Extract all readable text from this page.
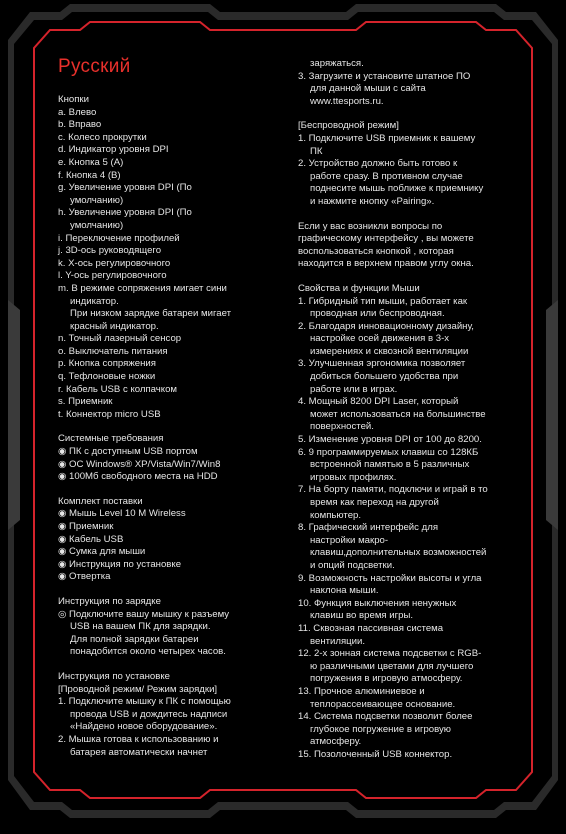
Русский

Кнопки

a. Влево

b. Вправо

c. Колесо прокрутки

d. Индикатор уровня DPI

e. Кнопка 5 (A)

f. Кнопка 4 (B)

g. Увеличение уровня DPI (По

умолчанию)

h. Увеличение уровня DPI (По

умолчанию)

i. Переключение профилей

j. 3D-ось руководящего

k. X-ось регулировочного

l. Y-ось регулировочного

m. В режиме сопряжения мигает сини

индикатор.

При низком зарядке батареи мигает

красный индикатор.

n. Точный лазерный сенсор

o. Выключатель питания

p. Кнопка сопряжения

q. Тефлоновые ножки

r. Кабель USB с колпачком

s. Приемник

t. Коннектор micro USB

Системные требования

◉ ПК с доступным USB портом

◉ ОС Windows® XP/Vista/Win7/Win8

◉ 100Мб свободного места на HDD

Комплект поставки

◉ Мышь Level 10 M Wireless

◉ Приемник

◉ Кабель USB

◉ Сумка для мыши

◉ Инструкция по установке

◉ Отвертка

Инструкция по зарядке

◎ Подключите вашу мышку к разъему

USB на вашем ПК для зарядки.

Для полной зарядки батареи

понадобится около четырех часов.

Инструкция по установке

[Проводной режим/ Режим зарядки]

1. Подключите мышку к ПК с помощью

провода USB и дождитесь надписи

«Найдено новое оборудование».

2. Мышка готова к использованию и

батарея автоматически начнет

заряжаться.

3. Загрузите и установите штатное ПО

для данной мыши с сайта

www.ttesports.ru.

[Беспроводной режим]

1. Подключите USB приемник к вашему

ПК

2. Устройство должно быть готово к

работе сразу. В противном случае

поднесите мышь поближе к приемнику

и нажмите кнопку «Pairing».

Если у вас возникли вопросы по

графическому интерфейсу , вы можете

воспользоваться кнопкой , которая

находится в верхнем правом углу окна.

Свойства и функции Мыши

1. Гибридный тип мыши, работает как

проводная или беспроводная.

2. Благодаря инновационному дизайну,

настройке осей движения в 3-х

измерениях и сквозной вентиляции

3. Улучшенная эргономика позволяет

добиться большего удобства при

работе или в играх.

4. Мощный 8200 DPI Laser, который

может использоваться на большинстве

поверхностей.

5. Изменение уровня DPI от 100 до 8200.

6. 9 программируемых клавиш со 128КБ

встроенной памятью в 5 различных

игровых профилях.

7. На борту памяти, подключи и играй в то

время как переход на другой

компьютер.

8. Графический интерфейс для

настройки макро-

клавиш,дополнительных возможностей

и опций подсветки.

9. Возможность настройки высоты и угла

наклона мыши.

10. Функция выключения ненужных

клавиш во время игры.

11. Сквозная пассивная система

вентиляции.

12. 2-х зонная система подсветки с RGB-

ю различными цветами для лучшего

погружения в игровую атмосферу.

13. Прочное алюминиевое и

теплорассеивающее основание.

14. Система подсветки позволит более

глубокое погружение в игровую

атмосферу.

15. Позолоченный USB коннектор.
